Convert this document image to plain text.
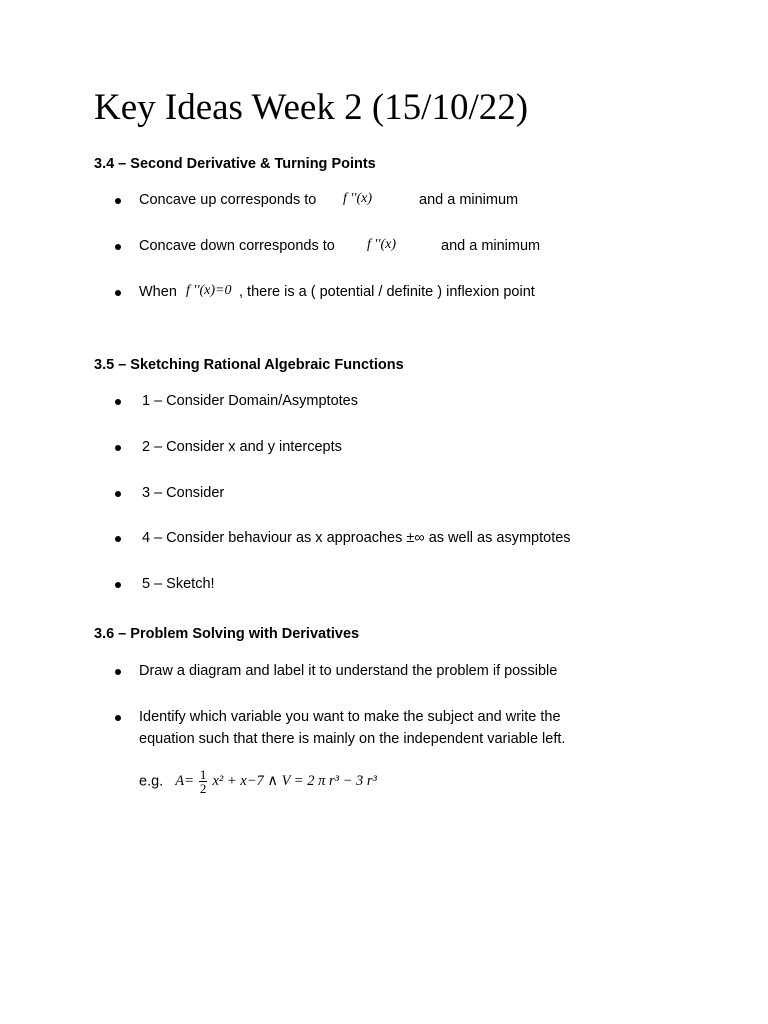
Key Ideas Week 2 (15/10/22)
3.4 – Second Derivative & Turning Points
Concave up corresponds to f ′′(x)	and a minimum
Concave down corresponds to f ′′(x)	and a minimum
When f ′′(x)=0 , there is a ( potential / definite ) inflexion point
3.5 – Sketching Rational Algebraic Functions
1 – Consider Domain/Asymptotes
2 – Consider x and y intercepts
3 – Consider
4 – Consider behaviour as x approaches ±∞ as well as asymptotes
5 – Sketch!
3.6 – Problem Solving with Derivatives
Draw a diagram and label it to understand the problem if possible
Identify which variable you want to make the subject and write the
equation such that there is mainly on the independent variable left.
e.g. $A= \frac{1}{2} x^2 + x-7$ ∧ V = 2 π r³ − 3 r³
